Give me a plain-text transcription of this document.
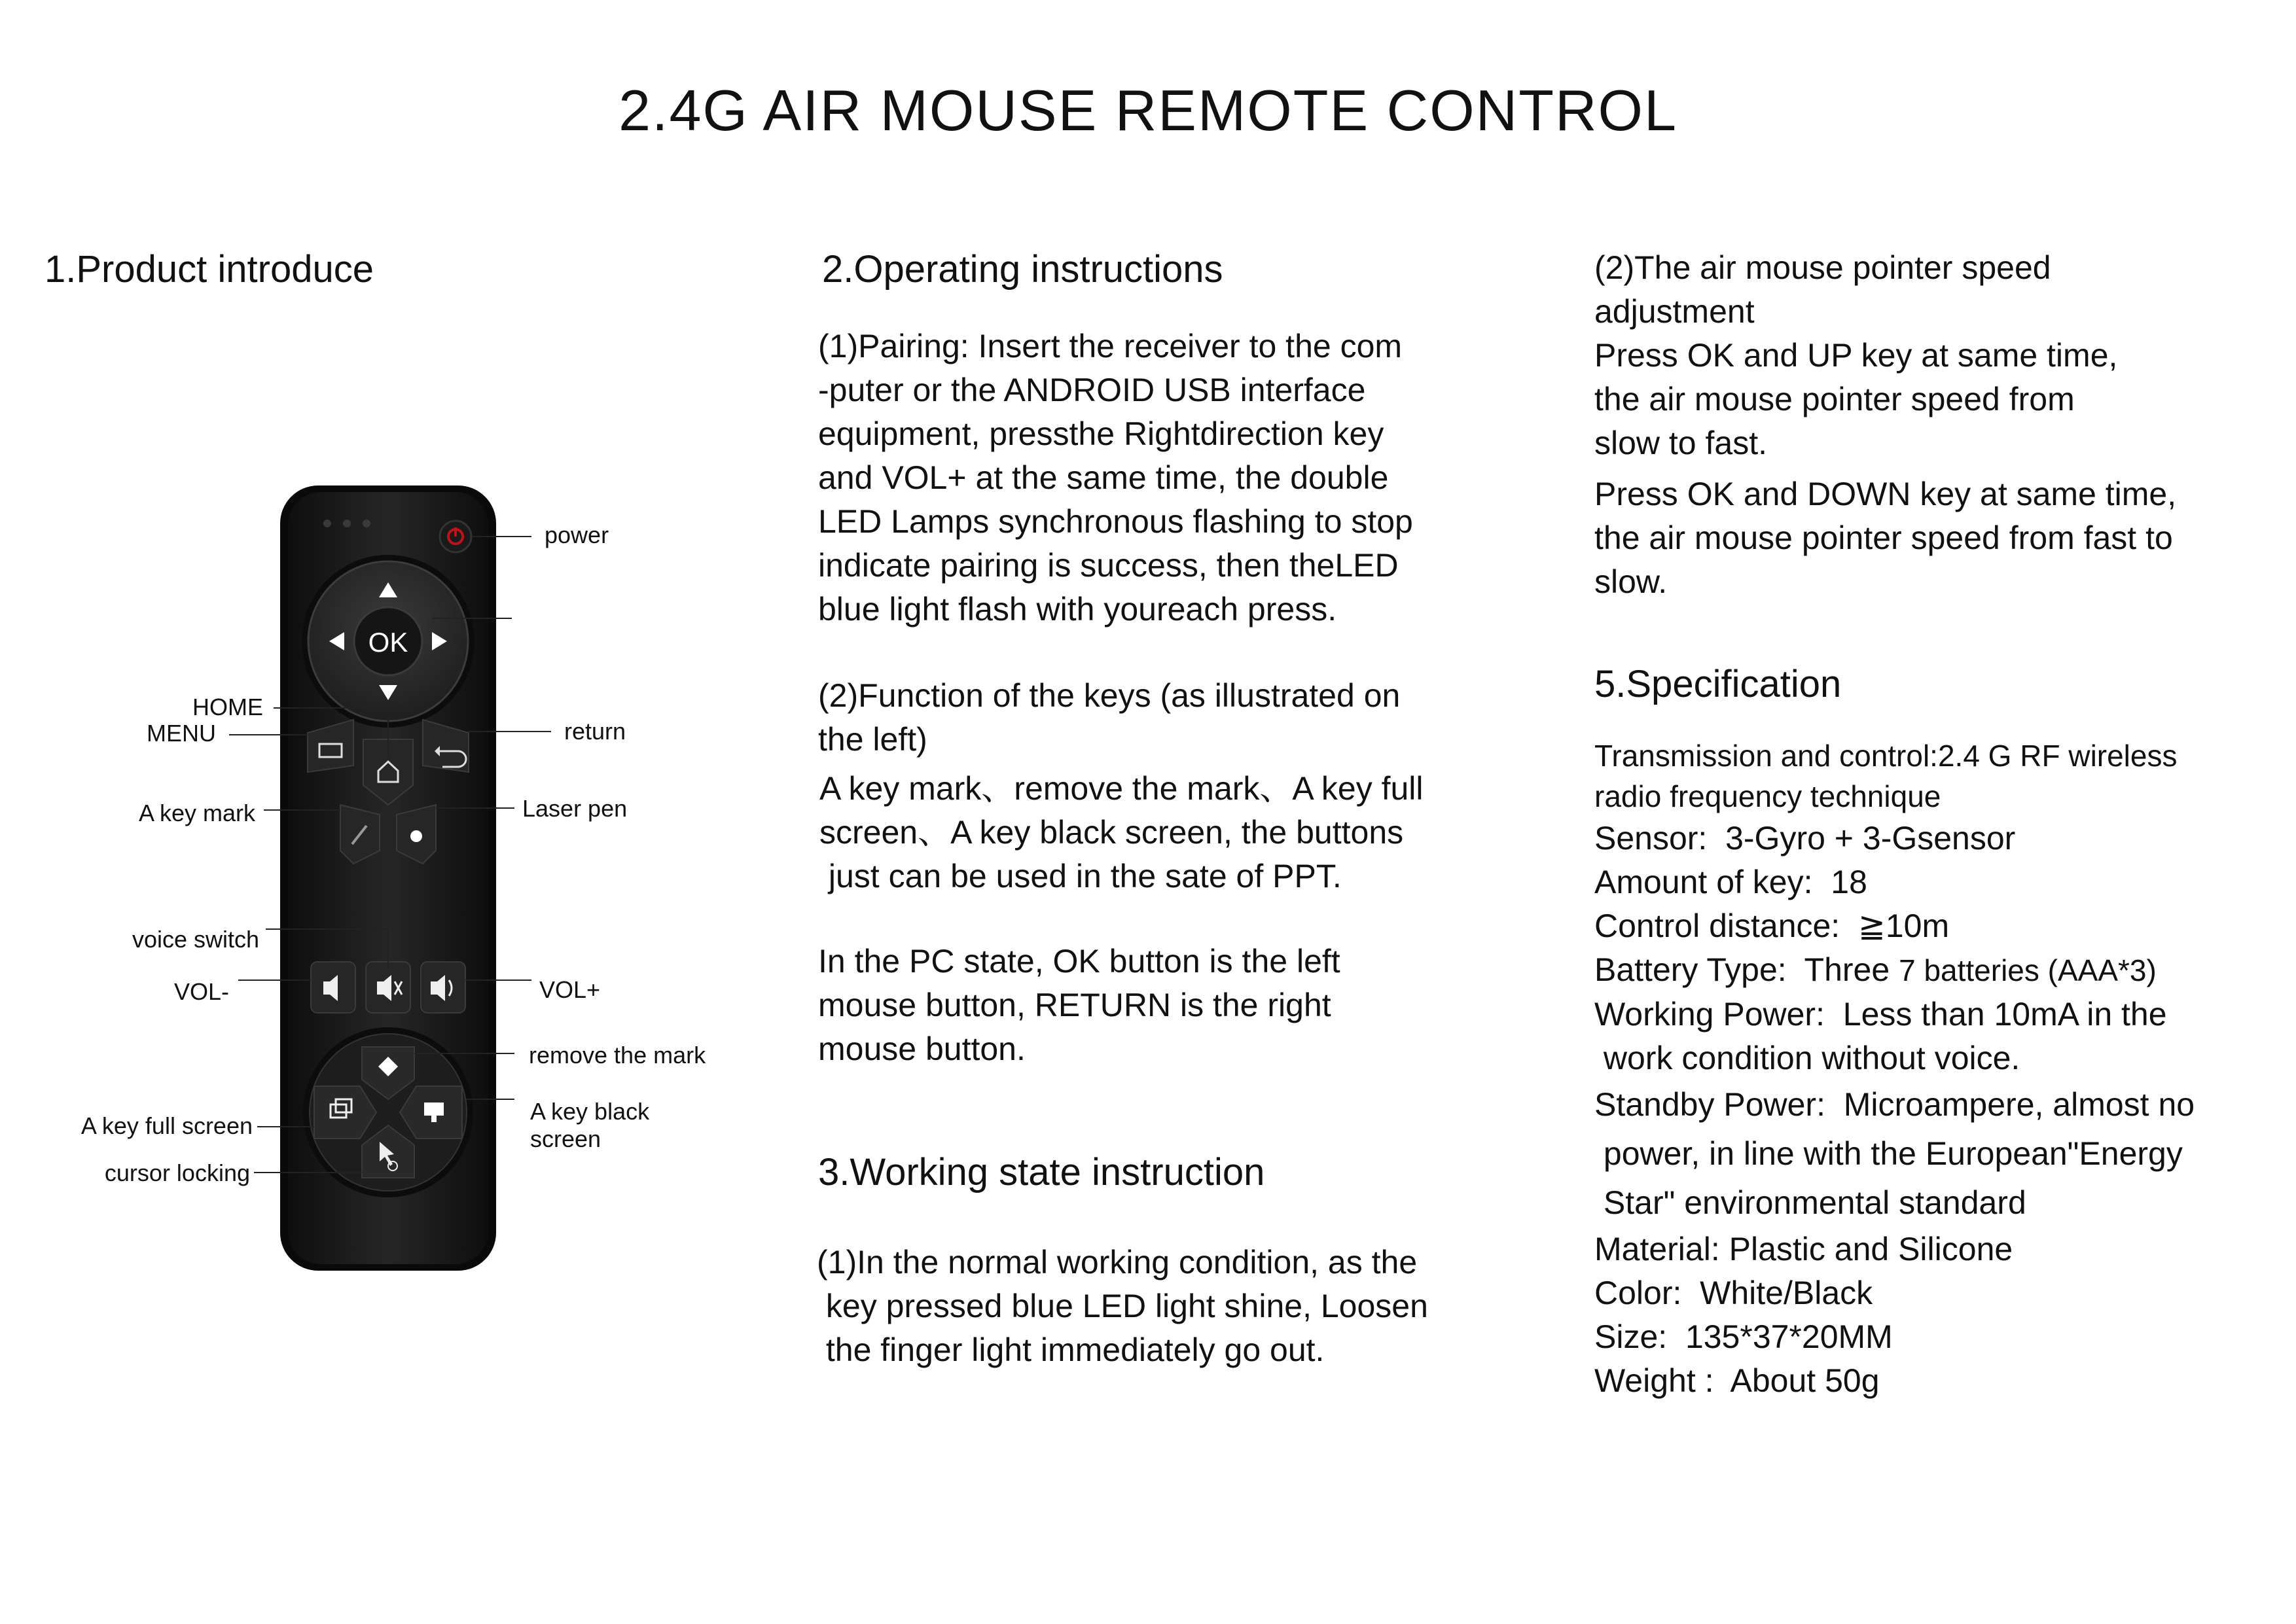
2.4G AIR MOUSE REMOTE CONTROL
1.Product introduce
OK
power
HOME
MENU	return
A key mark	Laser pen
voice switch
VOL-	VOL+
remove the mark
A key black
screen
A key full screen
cursor locking
2.Operating instructions
(1)Pairing: Insert the receiver to the com
-puter or the ANDROID USB interface
equipment, pressthe Rightdirection key
and VOL+ at the same time, the double
LED Lamps synchronous flashing to stop
indicate pairing is success, then theLED
blue light flash with youreach press.
(2)Function of the keys (as illustrated on
the left)
A key mark、remove the mark、A key full
screen、A key black screen, the buttons
just can be used in the sate of PPT.
In the PC state, OK button is the left
mouse button, RETURN is the right
mouse button.
3.Working state instruction
(1)In the normal working condition, as the
key pressed blue LED light shine, Loosen
the finger light immediately go out.
(2)The air mouse pointer speed
adjustment
Press OK and UP key at same time,
the air mouse pointer speed from
slow to fast.
Press OK and DOWN key at same time,
the air mouse pointer speed from fast to
slow.
5.Specification
Transmission and control:2.4 G RF wireless
radio frequency technique
Sensor:  3-Gyro + 3-Gsensor
Amount of key:  18
Control distance:  ≧10m
Battery Type:  Three 7 batteries (AAA*3)
Working Power:  Less than 10mA in the
work condition without voice.
Standby Power:  Microampere, almost no
power, in line with the European"Energy
Star" environmental standard
Material: Plastic and Silicone
Color:  White/Black
Size:  135*37*20MM
Weight :  About 50g
